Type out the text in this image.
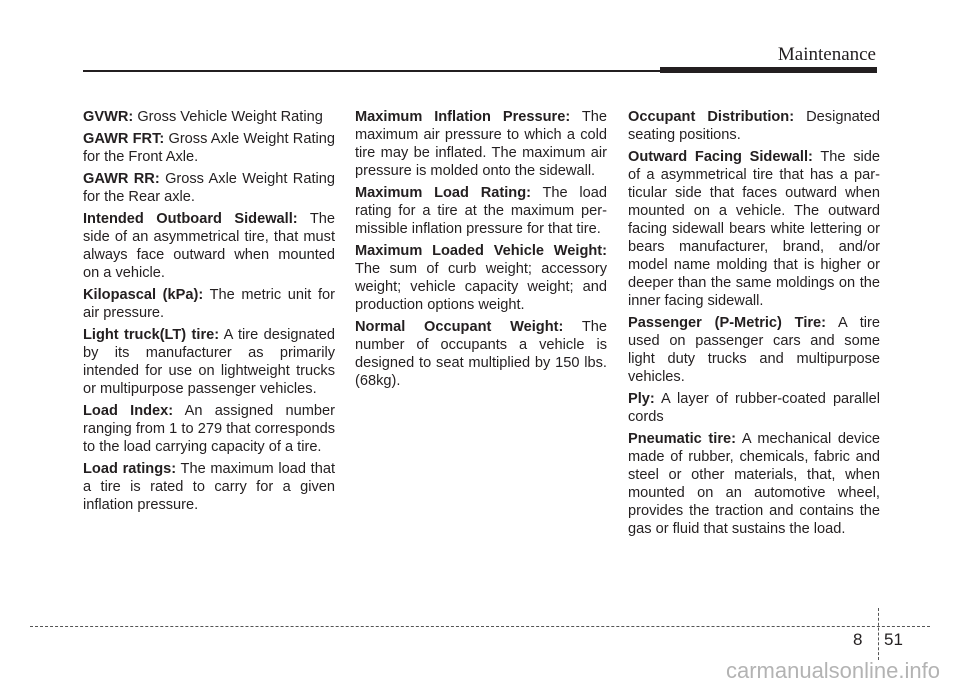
Maintenance

GVWR: Gross Vehicle Weight Rating

GAWR FRT: Gross Axle Weight Rating for the Front Axle.

GAWR RR: Gross Axle Weight Rating for the Rear axle.

Intended Outboard Sidewall: The side of an asymmetrical tire, that must always face outward when mounted on a vehicle.

Kilopascal (kPa): The metric unit for air pressure.

Light truck(LT) tire: A tire designated by its manufacturer as primarily intended for use on lightweight trucks or multipurpose passenger vehicles.

Load Index: An assigned number ranging from 1 to 279 that corresponds to the load carrying capacity of a tire.

Load ratings: The maximum load that a tire is rated to carry for a given inflation pressure.

Maximum Inflation Pressure: The maximum air pressure to which a cold tire may be inflated. The maximum air pressure is molded onto the sidewall.

Maximum Load Rating: The load rating for a tire at the maximum permissible inflation pressure for that tire.

Maximum Loaded Vehicle Weight: The sum of curb weight; accessory weight; vehicle capacity weight; and production options weight.

Normal Occupant Weight: The number of occupants a vehicle is designed to seat multiplied by 150 lbs. (68kg).

Occupant Distribution: Designated seating positions.

Outward Facing Sidewall: The side of a asymmetrical tire that has a particular side that faces outward when mounted on a vehicle. The outward facing sidewall bears white lettering or bears manufacturer, brand, and/or model name molding that is higher or deeper than the same moldings on the inner facing sidewall.

Passenger (P-Metric) Tire: A tire used on passenger cars and some light duty trucks and multipurpose vehicles.

Ply: A layer of rubber-coated parallel cords

Pneumatic tire: A mechanical device made of rubber, chemicals, fabric and steel or other materials, that, when mounted on an automotive wheel, provides the traction and contains the gas or fluid that sustains the load.

8 51
carmanualsonline.info
